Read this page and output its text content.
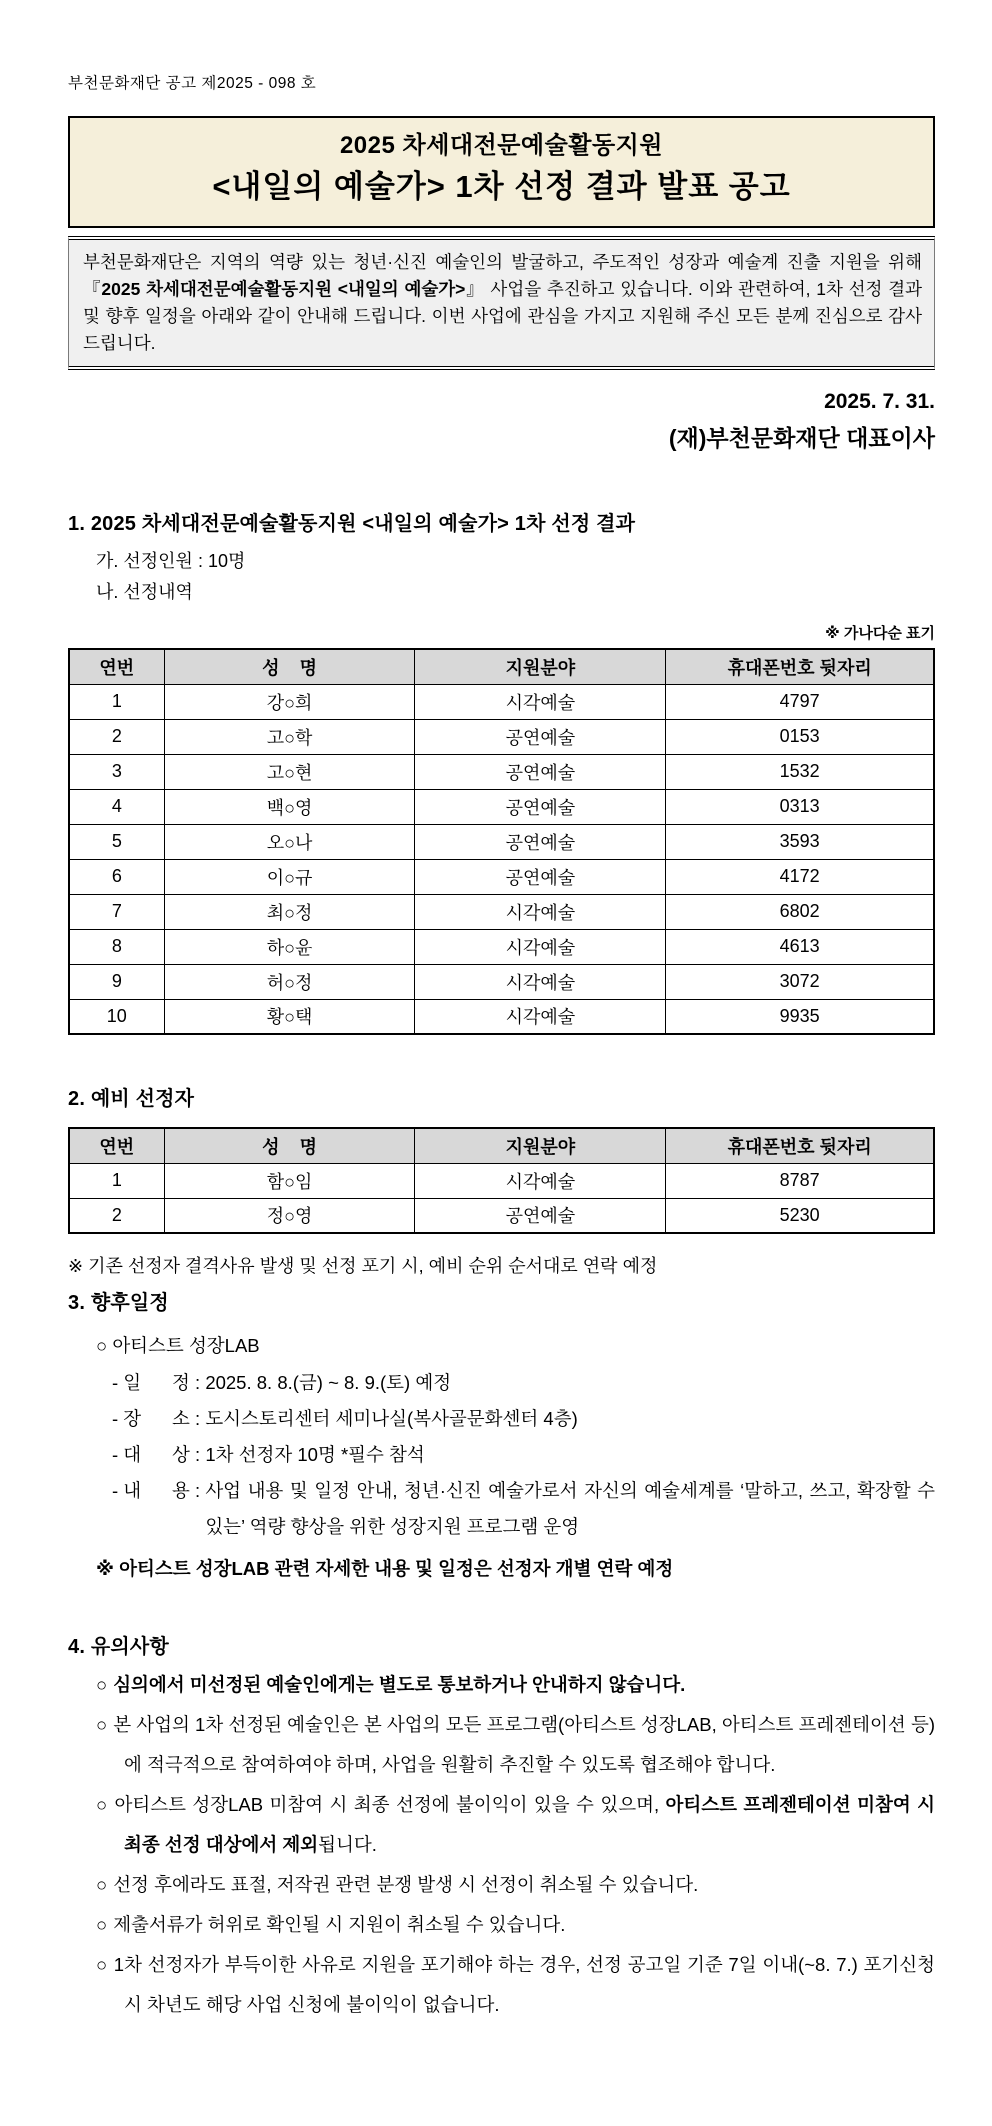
부천문화재단 공고 제2025 - 098 호
2025 차세대전문예술활동지원
<내일의 예술가> 1차 선정 결과 발표 공고
부천문화재단은 지역의 역량 있는 청년·신진 예술인의 발굴하고, 주도적인 성장과 예술계 진출 지원을 위해 『2025 차세대전문예술활동지원 <내일의 예술가>』 사업을 추진하고 있습니다. 이와 관련하여, 1차 선정 결과 및 향후 일정을 아래와 같이 안내해 드립니다. 이번 사업에 관심을 가지고 지원해 주신 모든 분께 진심으로 감사드립니다.
2025. 7. 31.
(재)부천문화재단 대표이사
1. 2025 차세대전문예술활동지원 <내일의 예술가> 1차 선정 결과
가. 선정인원 : 10명
나. 선정내역
※ 가나다순 표기
연번	성    명	지원분야	휴대폰번호 뒷자리
1	강○희	시각예술	4797
2	고○학	공연예술	0153
3	고○현	공연예술	1532
4	백○영	공연예술	0313
5	오○나	공연예술	3593
6	이○규	공연예술	4172
7	최○정	시각예술	6802
8	하○윤	시각예술	4613
9	허○정	시각예술	3072
10	황○택	시각예술	9935
2. 예비 선정자
연번	성    명	지원분야	휴대폰번호 뒷자리
1	함○임	시각예술	8787
2	정○영	공연예술	5230
※ 기존 선정자 결격사유 발생 및 선정 포기 시, 예비 순위 순서대로 연락 예정
3. 향후일정
○ 아티스트 성장LAB
- 일      정 : 2025. 8. 8.(금) ~ 8. 9.(토) 예정
- 장      소 : 도시스토리센터 세미나실(복사골문화센터 4층)
- 대      상 : 1차 선정자 10명 *필수 참석
- 내      용 : 사업 내용 및 일정 안내, 청년·신진 예술가로서 자신의 예술세계를 ‘말하고, 쓰고, 확장할 수 있는’ 역량 향상을 위한 성장지원 프로그램 운영
※ 아티스트 성장LAB 관련 자세한 내용 및 일정은 선정자 개별 연락 예정
4. 유의사항
○ 심의에서 미선정된 예술인에게는 별도로 통보하거나 안내하지 않습니다.
○ 본 사업의 1차 선정된 예술인은 본 사업의 모든 프로그램(아티스트 성장LAB, 아티스트 프레젠테이션 등)에 적극적으로 참여하여야 하며, 사업을 원활히 추진할 수 있도록 협조해야 합니다.
○ 아티스트 성장LAB 미참여 시 최종 선정에 불이익이 있을 수 있으며, 아티스트 프레젠테이션 미참여 시 최종 선정 대상에서 제외됩니다.
○ 선정 후에라도 표절, 저작권 관련 분쟁 발생 시 선정이 취소될 수 있습니다.
○ 제출서류가 허위로 확인될 시 지원이 취소될 수 있습니다.
○ 1차 선정자가 부득이한 사유로 지원을 포기해야 하는 경우, 선정 공고일 기준 7일 이내(~8. 7.) 포기신청 시 차년도 해당 사업 신청에 불이익이 없습니다.
